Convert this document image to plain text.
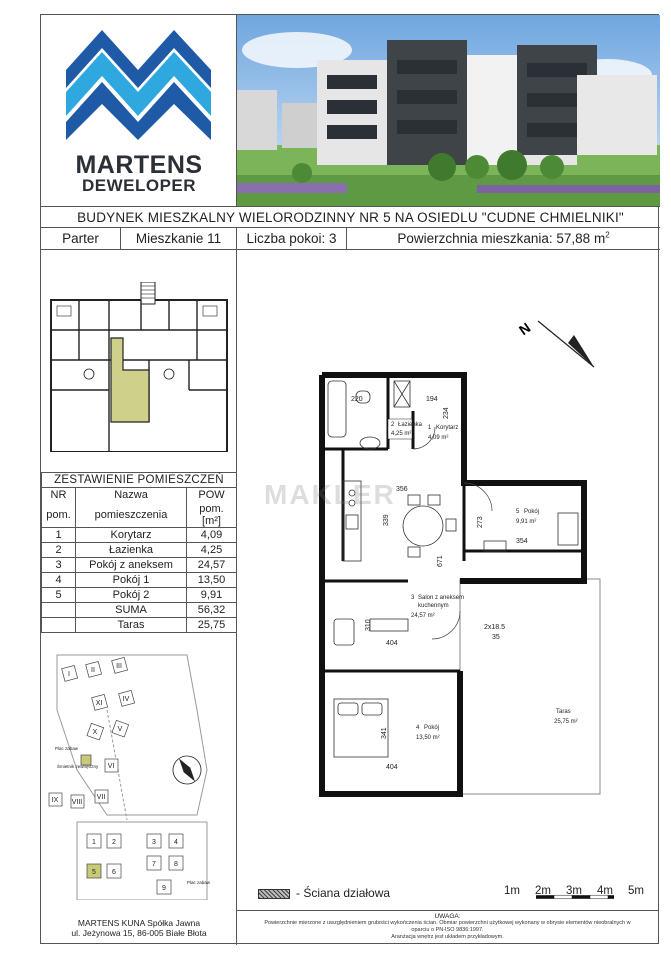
MARTENS
DEWELOPER
BUDYNEK MIESZKALNY WIELORODZINNY NR 5 NA OSIEDLU "CUDNE CHMIELNIKI"
Parter	Mieszkanie 11	Liczba pokoi: 3	Powierzchnia mieszkania: 57,88 $m^2$
ZESTAWIENIE POMIESZCZEŃ		
NR	Nazwa	POW
pom.	pomieszczenia	pom. [m²]
1	Korytarz	4,09
2	Łazienka	4,25
3	Pokój z aneksem	24,57
4	Pokój 1	13,50
5	Pokój 2	9,91
	SUMA	56,32
	Taras	25,75
I
II
III
XI
IV
X	V
VI
VII
VIII
IX
Plac zabaw
Śmietnik zewnętrzny
1 2	3	4
5 6
7	8
9
Plac zabaw
MARTENS KUNA Spółka Jawna
ul. Jeżynowa 15, 86-005 Białe Błota
N
2 Łazienka
4,25 m²
1 Korytarz
4,09 m²
3 Salon z aneksem
kuchennym
24,57 m²
4 Pokój
13,50 m²
5 Pokój
9,91 m²
Taras
25,75 m²
220	194
234
356
339	273
354
671
310
404
2x18.5
35
341
404
MAKLER
- Ściana działowa	1m 2m 3m 4m 5m
UWAGA:
Powierzchnie mierzone z uwzględnieniem grubości wykończenia ścian. Obmiar powierzchni użytkowej wykonany w obrysie elementów nieobralnych w
oparciu o PN-ISO 9836:1997.
Aranżacja wnętrz jest układem przykładowym.
